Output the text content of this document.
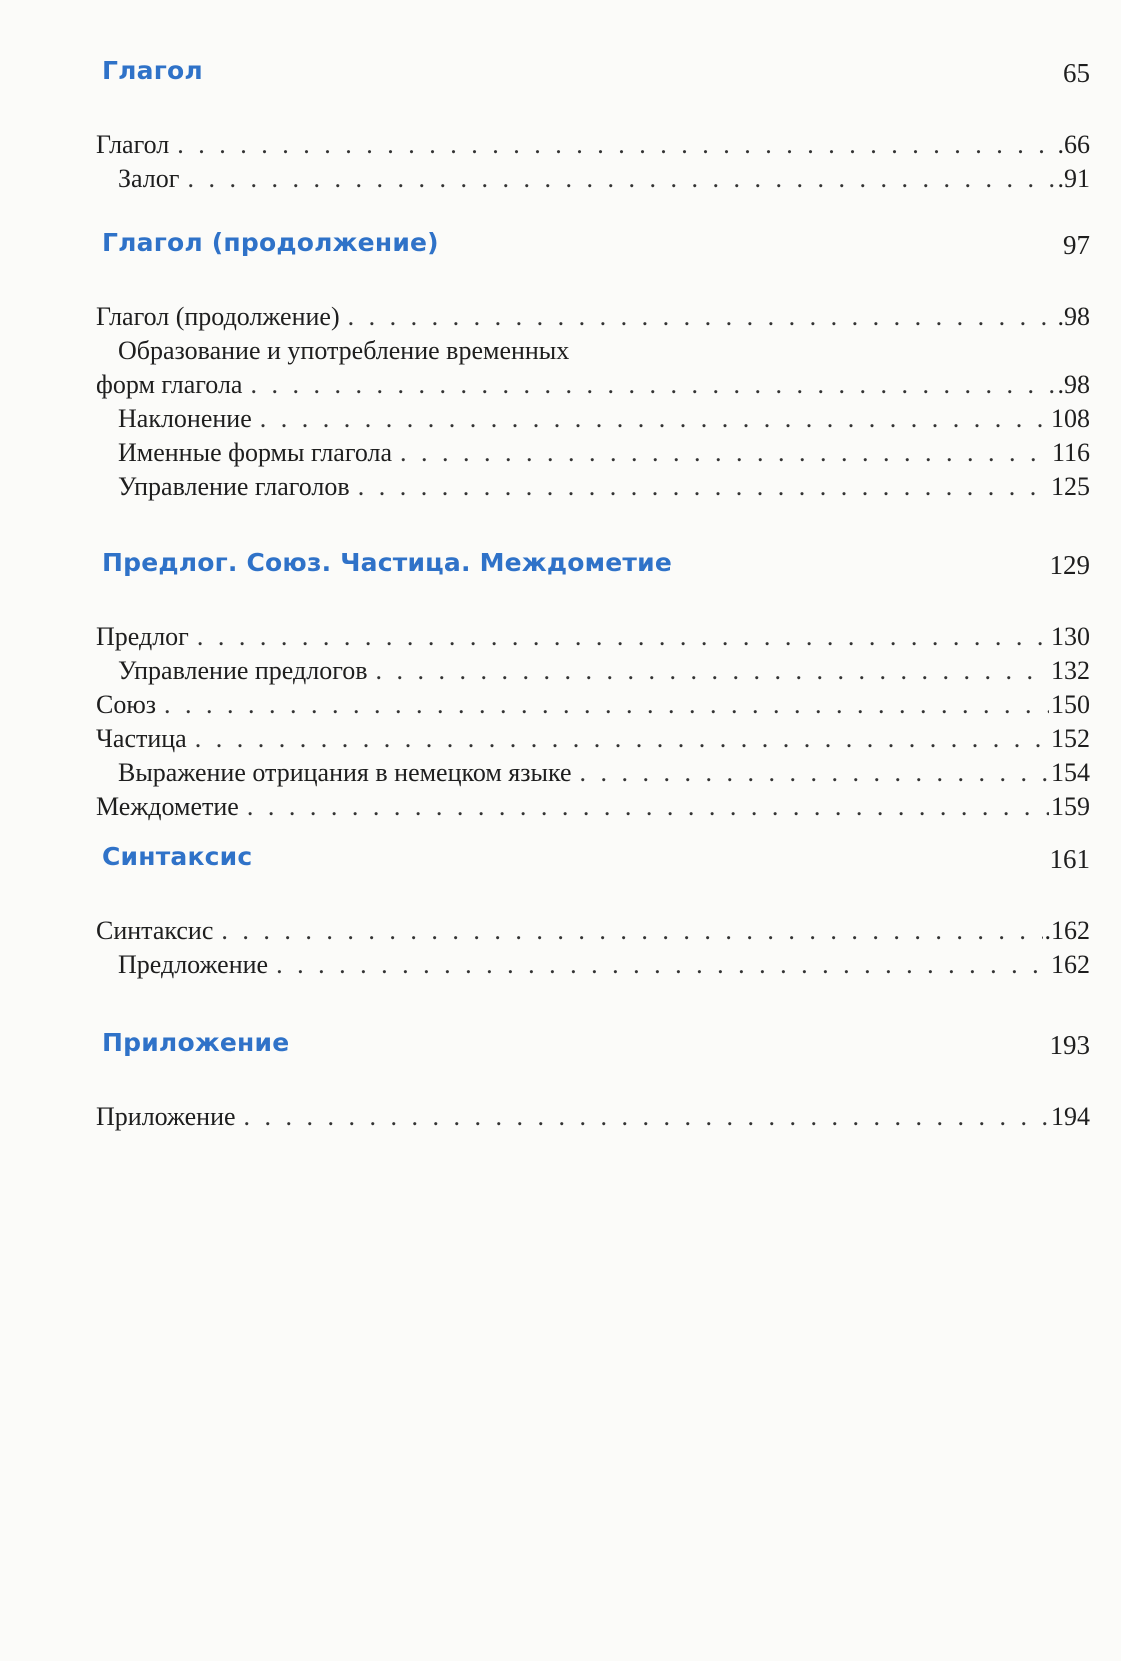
Глагол	65
Глагол . . .	.66
Залог . . .	.91
Глагол (продолжение)	97
Глагол (продолжение) . . .	.98
Образование и употребление временных
форм глагола . . .	.98
Наклонение . . .	108
Именные формы глагола . . .	116
Управление глаголов . . .	125
Предлог. Союз. Частица. Междометие	129
Предлог . . .	130
Управление предлогов . . .	132
Союз . . .	150
Частица . . .	152
Выражение отрицания в немецком языке . . .	154
Междометие . . .	159
Синтаксис	161
Синтаксис . . .	.162
Предложение . . .	162
Приложение	193
Приложение . . .	194
